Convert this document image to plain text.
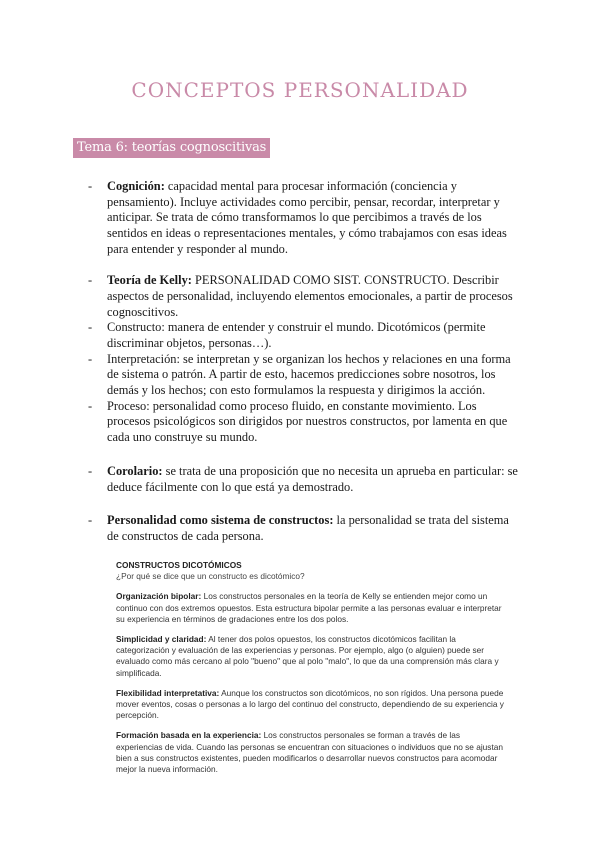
CONCEPTOS PERSONALIDAD
Tema 6: teorías cognoscitivas
- Cognición: capacidad mental para procesar información (conciencia y pensamiento). Incluye actividades como percibir, pensar, recordar, interpretar y anticipar. Se trata de cómo transformamos lo que percibimos a través de los sentidos en ideas o representaciones mentales, y cómo trabajamos con esas ideas para entender y responder al mundo.
- Teoría de Kelly: PERSONALIDAD COMO SIST. CONSTRUCTO. Describir aspectos de personalidad, incluyendo elementos emocionales, a partir de procesos cognoscitivos.
- Constructo: manera de entender y construir el mundo. Dicotómicos (permite discriminar objetos, personas…).
- Interpretación: se interpretan y se organizan los hechos y relaciones en una forma de sistema o patrón. A partir de esto, hacemos predicciones sobre nosotros, los demás y los hechos; con esto formulamos la respuesta y dirigimos la acción.
- Proceso: personalidad como proceso fluido, en constante movimiento. Los procesos psicológicos son dirigidos por nuestros constructos, por lamenta en que cada uno construye su mundo.
- Corolario: se trata de una proposición que no necesita un aprueba en particular: se deduce fácilmente con lo que está ya demostrado.
- Personalidad como sistema de constructos: la personalidad se trata del sistema de constructos de cada persona.
CONSTRUCTOS DICOTÓMICOS
¿Por qué se dice que un constructo es dicotómico?
Organización bipolar: Los constructos personales en la teoría de Kelly se entienden mejor como un continuo con dos extremos opuestos. Esta estructura bipolar permite a las personas evaluar e interpretar su experiencia en términos de gradaciones entre los dos polos.
Simplicidad y claridad: Al tener dos polos opuestos, los constructos dicotómicos facilitan la categorización y evaluación de las experiencias y personas. Por ejemplo, algo (o alguien) puede ser evaluado como más cercano al polo "bueno" que al polo "malo", lo que da una comprensión más clara y simplificada.
Flexibilidad interpretativa: Aunque los constructos son dicotómicos, no son rígidos. Una persona puede mover eventos, cosas o personas a lo largo del continuo del constructo, dependiendo de su experiencia y percepción.
Formación basada en la experiencia: Los constructos personales se forman a través de las experiencias de vida. Cuando las personas se encuentran con situaciones o individuos que no se ajustan bien a sus constructos existentes, pueden modificarlos o desarrollar nuevos constructos para acomodar mejor la nueva información.
